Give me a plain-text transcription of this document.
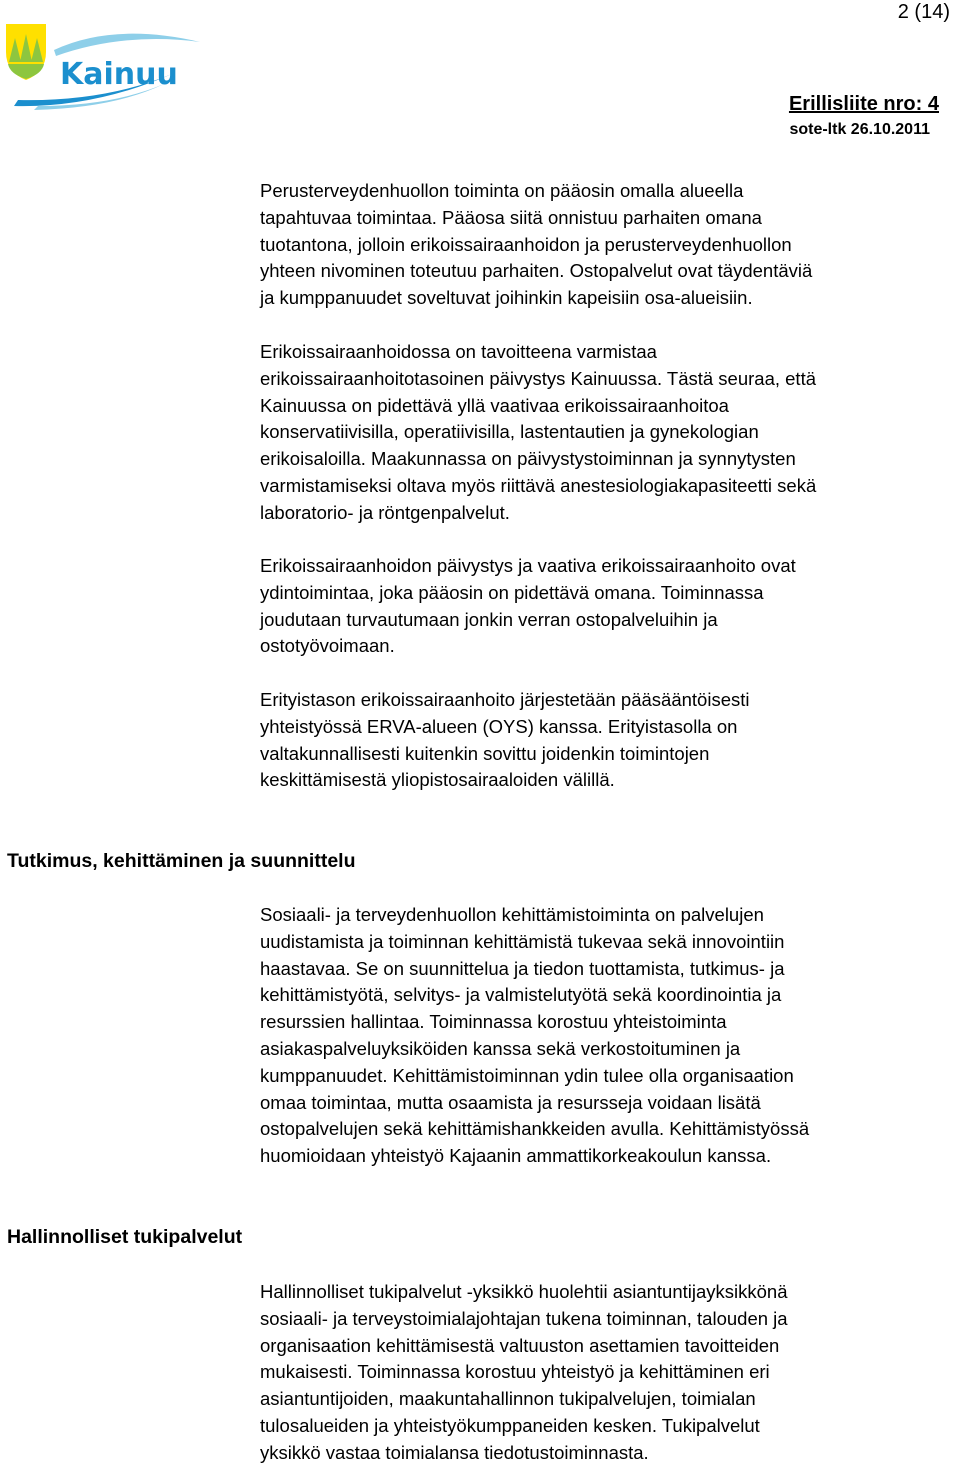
2 (14)
Kainuu
Erillisliite nro: 4
sote-ltk 26.10.2011

Perusterveydenhuollon toiminta on pääosin omalla alueella
tapahtuvaa toimintaa. Pääosa siitä onnistuu parhaiten omana
tuotantona, jolloin erikoissairaanhoidon ja perusterveydenhuollon
yhteen nivominen toteutuu parhaiten. Ostopalvelut ovat täydentäviä
ja kumppanuudet soveltuvat joihinkin kapeisiin osa-alueisiin.

Erikoissairaanhoidossa on tavoitteena varmistaa
erikoissairaanhoitotasoinen päivystys Kainuussa. Tästä seuraa, että
Kainuussa on pidettävä yllä vaativaa erikoissairaanhoitoa
konservatiivisilla, operatiivisilla, lastentautien ja gynekologian
erikoisaloilla. Maakunnassa on päivystystoiminnan ja synnytysten
varmistamiseksi oltava myös riittävä anestesiologiakapasiteetti sekä
laboratorio- ja röntgenpalvelut.

Erikoissairaanhoidon päivystys ja vaativa erikoissairaanhoito ovat
ydintoimintaa, joka pääosin on pidettävä omana. Toiminnassa
joudutaan turvautumaan jonkin verran ostopalveluihin ja
ostotyövoimaan.

Erityistason erikoissairaanhoito järjestetään pääsääntöisesti
yhteistyössä ERVA-alueen (OYS) kanssa. Erityistasolla on
valtakunnallisesti kuitenkin sovittu joidenkin toimintojen
keskittämisestä yliopistosairaaloiden välillä.

Tutkimus, kehittäminen ja suunnittelu

Sosiaali- ja terveydenhuollon kehittämistoiminta on palvelujen
uudistamista ja toiminnan kehittämistä tukevaa sekä innovointiin
haastavaa. Se on suunnittelua ja tiedon tuottamista, tutkimus- ja
kehittämistyötä, selvitys- ja valmistelutyötä sekä koordinointia ja
resurssien hallintaa. Toiminnassa korostuu yhteistoiminta
asiakaspalveluyksiköiden kanssa sekä verkostoituminen ja
kumppanuudet. Kehittämistoiminnan ydin tulee olla organisaation
omaa toimintaa, mutta osaamista ja resursseja voidaan lisätä
ostopalvelujen sekä kehittämishankkeiden avulla. Kehittämistyössä
huomioidaan yhteistyö Kajaanin ammattikorkeakoulun kanssa.

Hallinnolliset tukipalvelut

Hallinnolliset tukipalvelut -yksikkö huolehtii asiantuntijayksikkönä
sosiaali- ja terveystoimialajohtajan tukena toiminnan, talouden ja
organisaation kehittämisestä valtuuston asettamien tavoitteiden
mukaisesti. Toiminnassa korostuu yhteistyö ja kehittäminen eri
asiantuntijoiden, maakuntahallinnon tukipalvelujen, toimialan
tulosalueiden ja yhteistyökumppaneiden kesken. Tukipalvelut
yksikkö vastaa toimialansa tiedotustoiminnasta.
